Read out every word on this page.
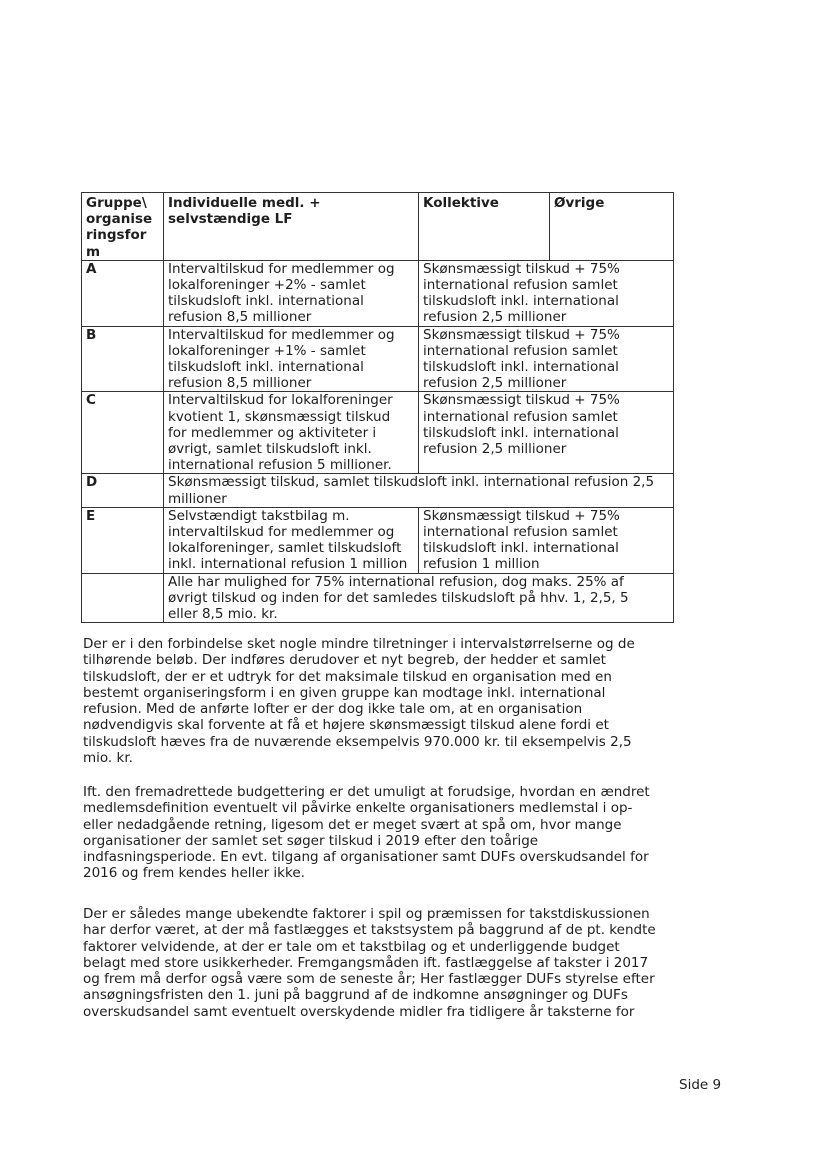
Gruppe\
organise
ringsfor
m	Individuelle medl. +
selvstændige LF	Kollektive	Øvrige
A	Intervaltilskud for medlemmer og
lokalforeninger +2% - samlet
tilskudsloft inkl. international
refusion 8,5 millioner	Skønsmæssigt tilskud + 75%
international refusion samlet
tilskudsloft inkl. international
refusion 2,5 millioner	
B	Intervaltilskud for medlemmer og
lokalforeninger +1% - samlet
tilskudsloft inkl. international
refusion 8,5 millioner	Skønsmæssigt tilskud + 75%
international refusion samlet
tilskudsloft inkl. international
refusion 2,5 millioner	
C	Intervaltilskud for lokalforeninger
kvotient 1, skønsmæssigt tilskud
for medlemmer og aktiviteter i
øvrigt, samlet tilskudsloft inkl.
international refusion 5 millioner.	Skønsmæssigt tilskud + 75%
international refusion samlet
tilskudsloft inkl. international
refusion 2,5 millioner	
D	Skønsmæssigt tilskud, samlet tilskudsloft inkl. international refusion 2,5
millioner		
E	Selvstændigt takstbilag m.
intervaltilskud for medlemmer og
lokalforeninger, samlet tilskudsloft
inkl. international refusion 1 million	Skønsmæssigt tilskud + 75%
international refusion samlet
tilskudsloft inkl. international
refusion 1 million	
	Alle har mulighed for 75% international refusion, dog maks. 25% af
øvrigt tilskud og inden for det samledes tilskudsloft på hhv. 1, 2,5, 5
eller 8,5 mio. kr.		

Der er i den forbindelse sket nogle mindre tilretninger i intervalstørrelserne og de
tilhørende beløb. Der indføres derudover et nyt begreb, der hedder et samlet
tilskudsloft, der er et udtryk for det maksimale tilskud en organisation med en
bestemt organiseringsform i en given gruppe kan modtage inkl. international
refusion. Med de anførte lofter er der dog ikke tale om, at en organisation
nødvendigvis skal forvente at få et højere skønsmæssigt tilskud alene fordi et
tilskudsloft hæves fra de nuværende eksempelvis 970.000 kr. til eksempelvis 2,5
mio. kr.

Ift. den fremadrettede budgettering er det umuligt at forudsige, hvordan en ændret
medlemsdefinition eventuelt vil påvirke enkelte organisationers medlemstal i op-
eller nedadgående retning, ligesom det er meget svært at spå om, hvor mange
organisationer der samlet set søger tilskud i 2019 efter den toårige
indfasningsperiode. En evt. tilgang af organisationer samt DUFs overskudsandel for
2016 og frem kendes heller ikke.

Der er således mange ubekendte faktorer i spil og præmissen for takstdiskussionen
har derfor været, at der må fastlægges et takstsystem på baggrund af de pt. kendte
faktorer velvidende, at der er tale om et takstbilag og et underliggende budget
belagt med store usikkerheder. Fremgangsmåden ift. fastlæggelse af takster i 2017
og frem må derfor også være som de seneste år; Her fastlægger DUFs styrelse efter
ansøgningsfristen den 1. juni på baggrund af de indkomne ansøgninger og DUFs
overskudsandel samt eventuelt overskydende midler fra tidligere år taksterne for

Side 9
